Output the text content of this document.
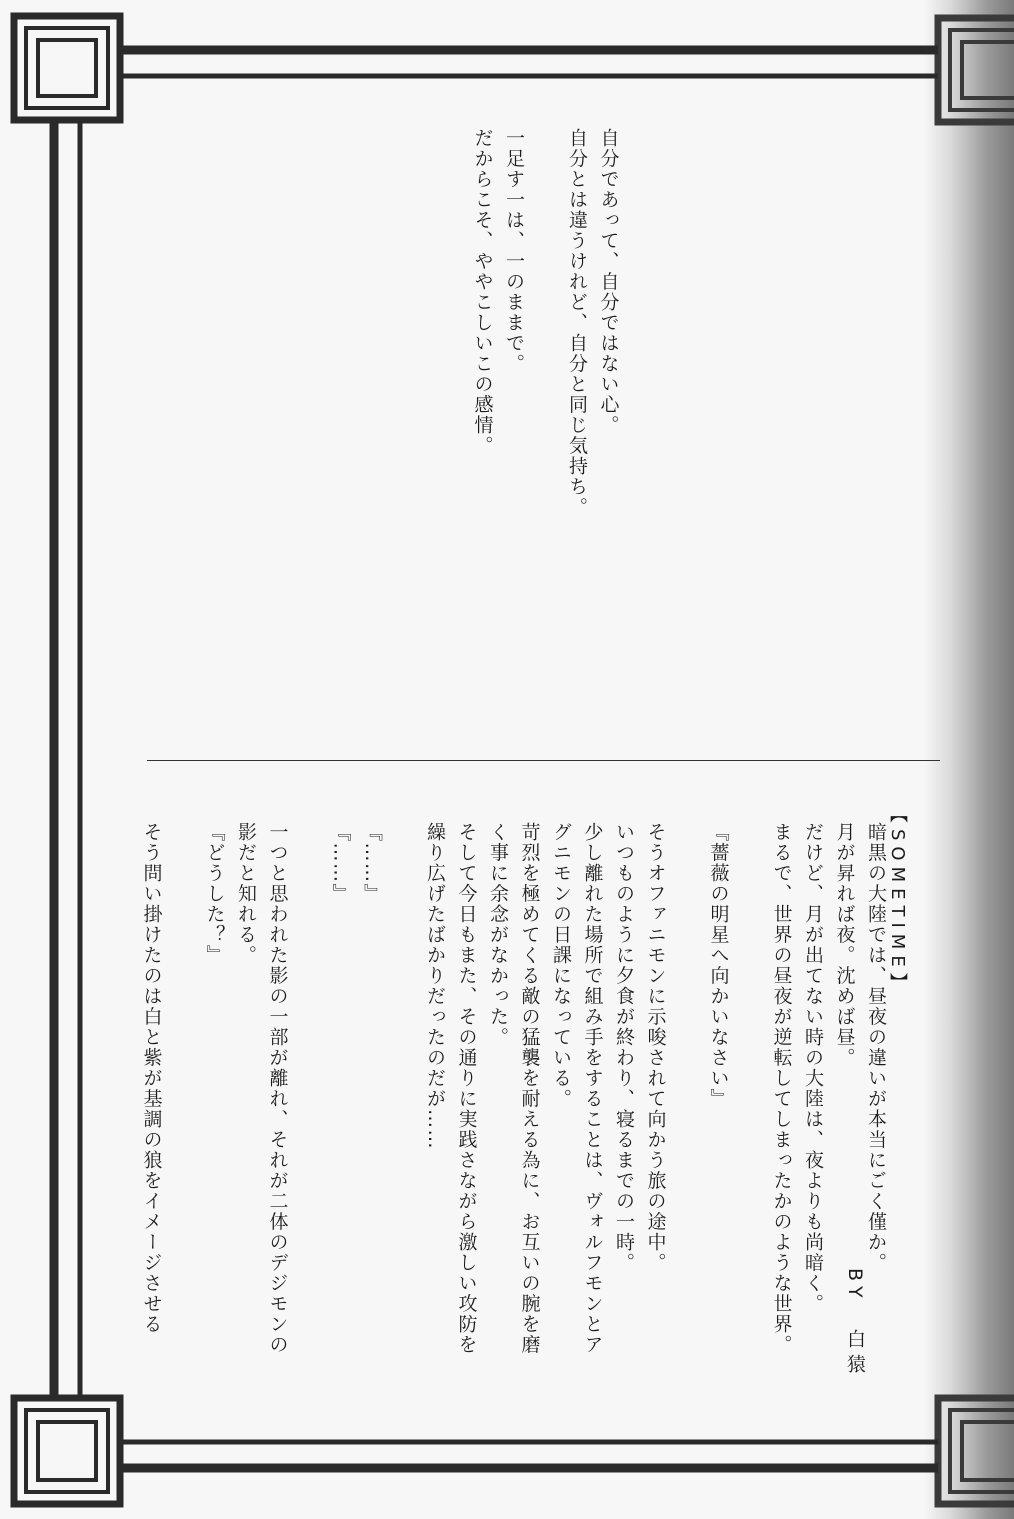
自分であって、自分ではない心。
自分とは違うけれど、自分と同じ気持ち。
一足す一は、一のままで。
だからこそ、ややこしいこの感情。
【SOMETIME】
BY　白猿
暗黒の大陸では、昼夜の違いが本当にごく僅か。
月が昇れば夜。沈めば昼。
だけど、月が出てない時の大陸は、夜よりも尚暗く。
まるで、世界の昼夜が逆転してしまったかのような世界。
『薔薇の明星へ向かいなさい』
そうオファニモンに示唆されて向かう旅の途中。
いつものように夕食が終わり、寝るまでの一時。
少し離れた場所で組み手をすることは、ヴォルフモンとア
グニモンの日課になっている。
苛烈を極めてくる敵の猛襲を耐える為に、お互いの腕を磨
く事に余念がなかった。
そして今日もまた、その通りに実践さながら激しい攻防を
繰り広げたばかりだったのだが……
『……』
『……』
一つと思われた影の一部が離れ、それが二体のデジモンの
影だと知れる。
『どうした？』
そう問い掛けたのは白と紫が基調の狼をイメージさせる
